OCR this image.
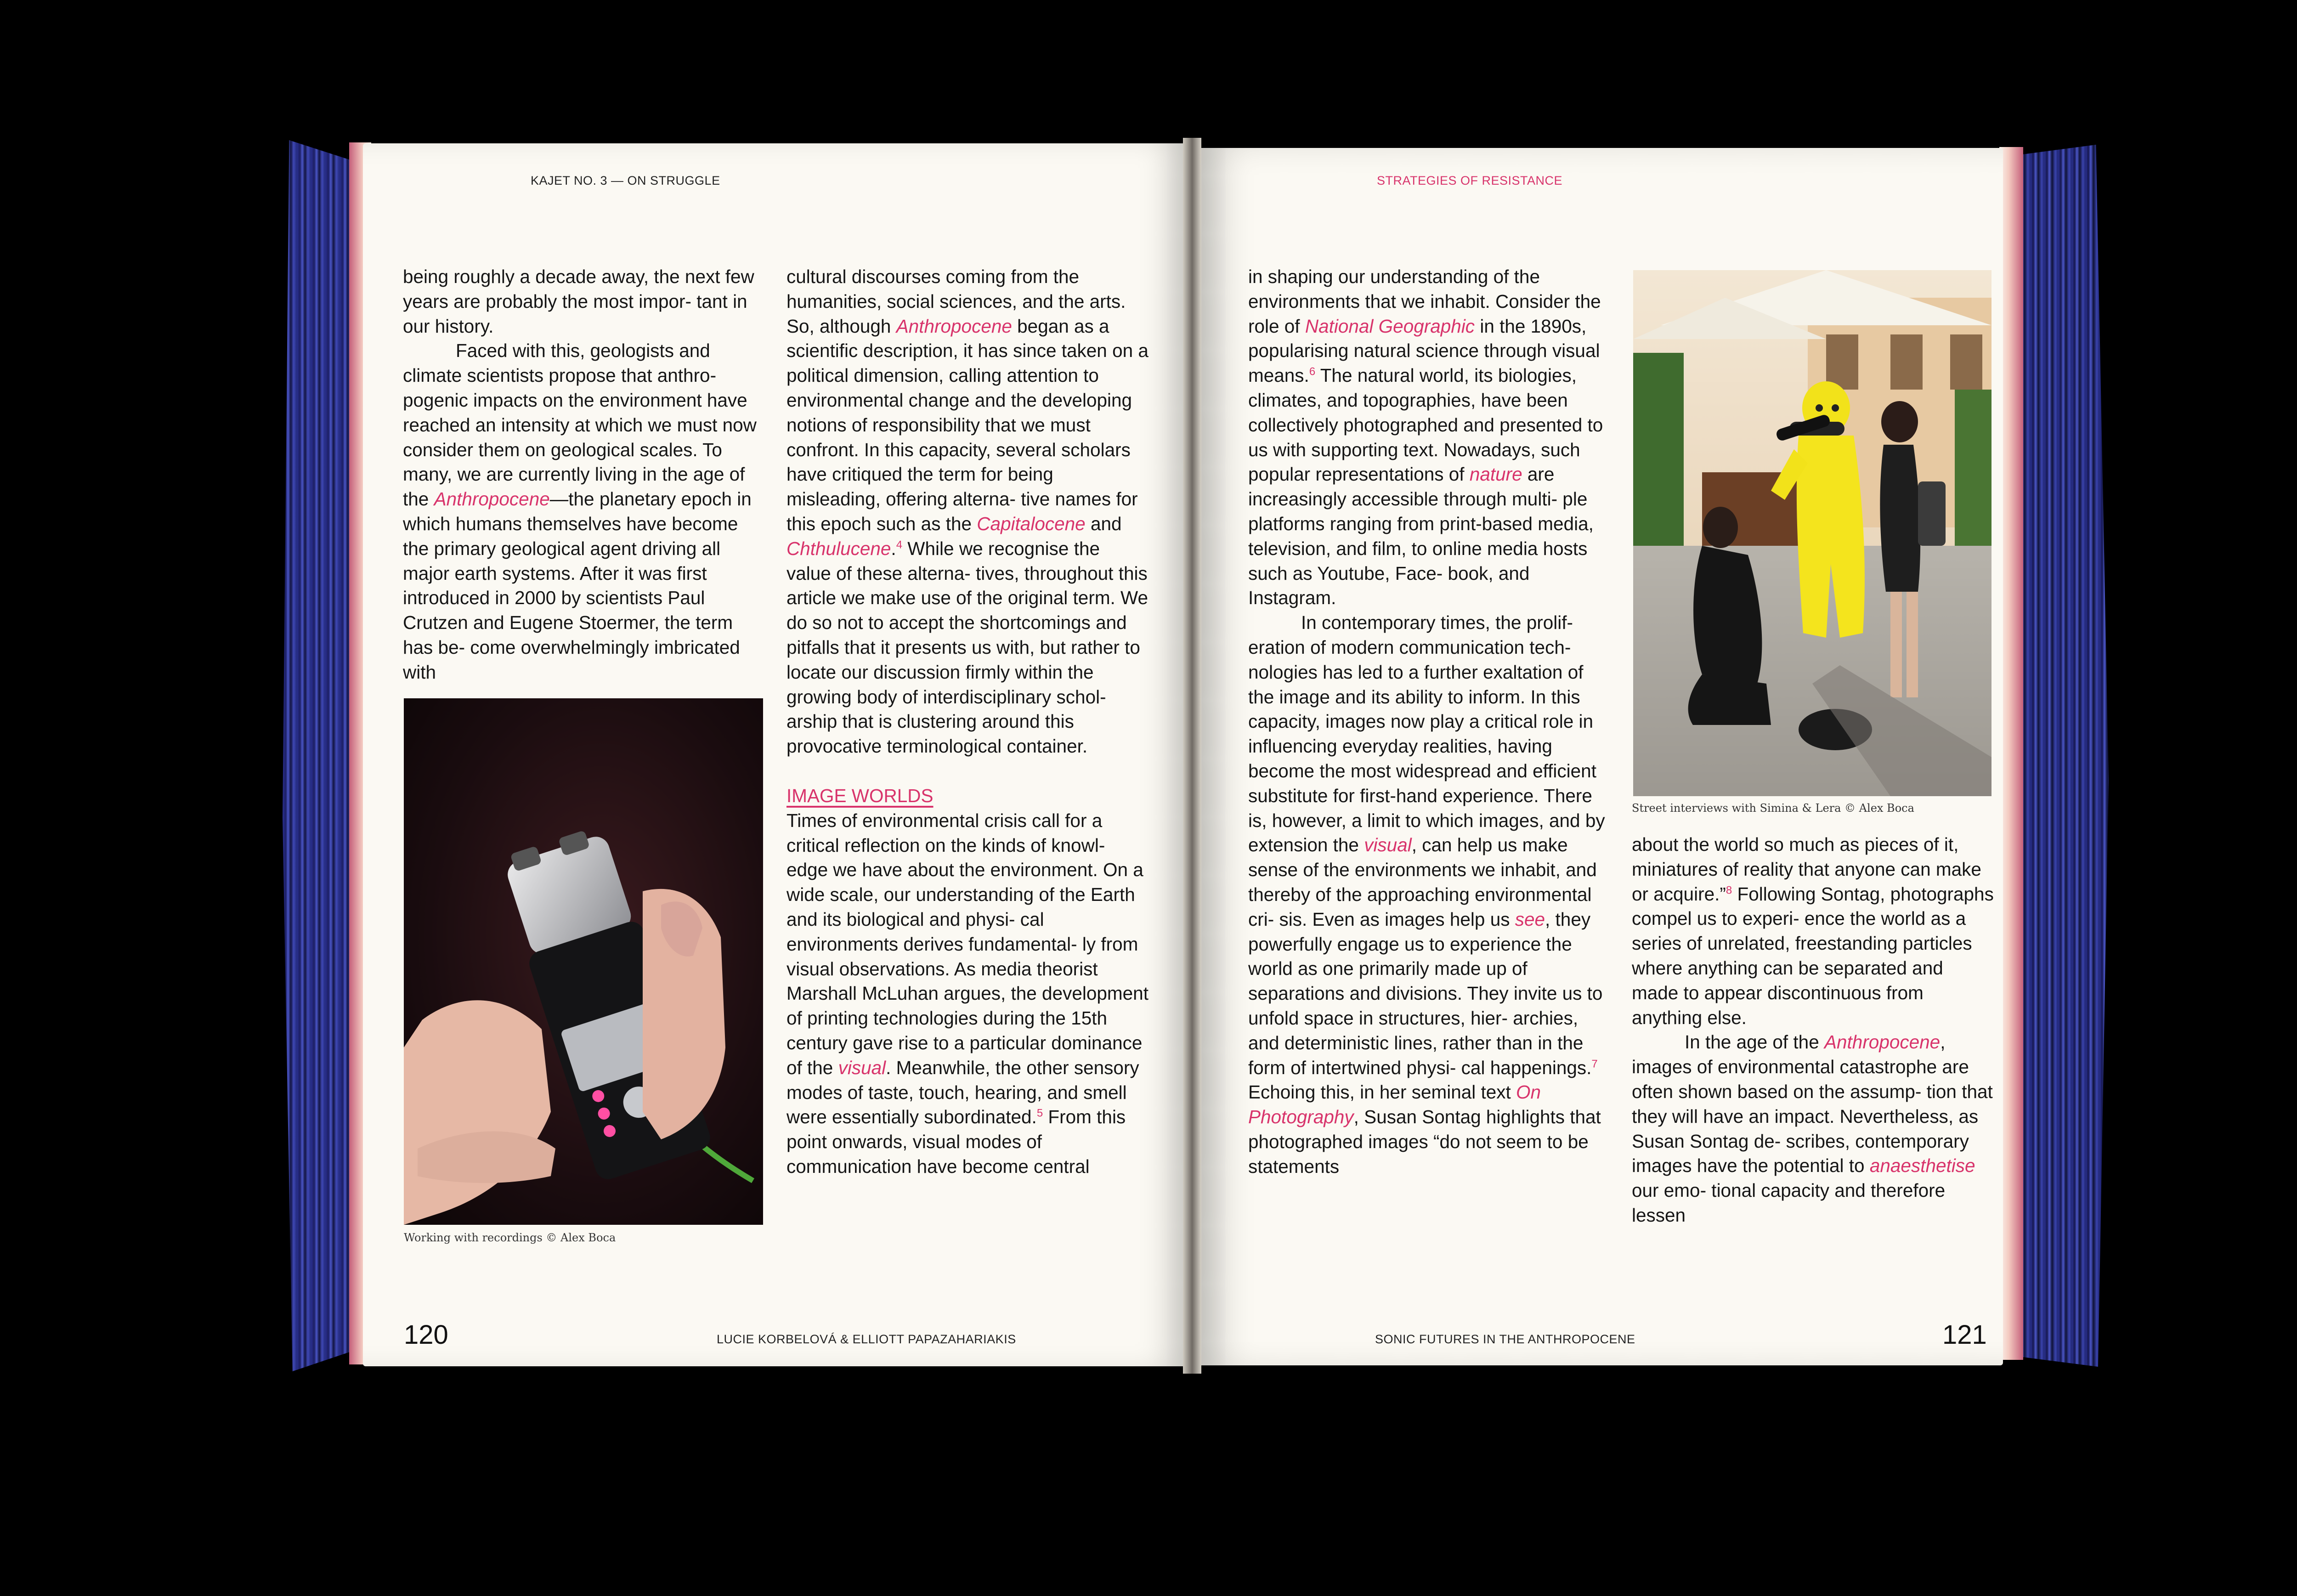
KAJET NO. 3 — ON STRUGGLE	STRATEGIES OF RESISTANCE

being roughly a decade away, the next few years are probably the most impor- tant in our history.

Faced with this, geologists and climate scientists propose that anthro- pogenic impacts on the environment have reached an intensity at which we must now consider them on geological scales. To many, we are currently living in the age of the Anthropocene—the planetary epoch in which humans themselves have become the primary geological agent driving all major earth systems. After it was first introduced in 2000 by scientists Paul Crutzen and Eugene Stoermer, the term has be- come overwhelmingly imbricated with

Working with recordings © Alex Boca

cultural discourses coming from the humanities, social sciences, and the arts. So, although Anthropocene began as a scientific description, it has since taken on a political dimension, calling attention to environmental change and the developing notions of responsibility that we must confront. In this capacity, several scholars have critiqued the term for being misleading, offering alterna- tive names for this epoch such as the Capitalocene and Chthulucene.$^4$ While we recognise the value of these alterna- tives, throughout this article we make use of the original term. We do so not to accept the shortcomings and pitfalls that it presents us with, but rather to locate our discussion firmly within the growing body of interdisciplinary schol- arship that is clustering around this provocative terminological container.

IMAGE WORLDS

Times of environmental crisis call for a critical reflection on the kinds of knowl- edge we have about the environment. On a wide scale, our understanding of the Earth and its biological and physi- cal environments derives fundamental- ly from visual observations. As media theorist Marshall McLuhan argues, the development of printing technologies during the 15th century gave rise to a particular dominance of the visual. Meanwhile, the other sensory modes of taste, touch, hearing, and smell were essentially subordinated.$^5$ From this point onwards, visual modes of communication have become central

in shaping our understanding of the environments that we inhabit. Consider the role of National Geographic in the 1890s, popularising natural science through visual means.$^6$ The natural world, its biologies, climates, and topographies, have been collectively photographed and presented to us with supporting text. Nowadays, such popular representations of nature are increasingly accessible through multi- ple platforms ranging from print-based media, television, and film, to online media hosts such as Youtube, Face- book, and Instagram.

In contemporary times, the prolif- eration of modern communication tech- nologies has led to a further exaltation of the image and its ability to inform. In this capacity, images now play a critical role in influencing everyday realities, having become the most widespread and efficient substitute for first-hand experience. There is, however, a limit to which images, and by extension the visual, can help us make sense of the environments we inhabit, and thereby of the approaching environmental cri- sis. Even as images help us see, they powerfully engage us to experience the world as one primarily made up of separations and divisions. They invite us to unfold space in structures, hier- archies, and deterministic lines, rather than in the form of intertwined physi- cal happenings.$^7$ Echoing this, in her seminal text On Photography, Susan Sontag highlights that photographed images “do not seem to be statements

Street interviews with Simina & Lera © Alex Boca

about the world so much as pieces of it, miniatures of reality that anyone can make or acquire.”$^8$ Following Sontag, photographs compel us to experi- ence the world as a series of unrelated, freestanding particles where anything can be separated and made to appear discontinuous from anything else.

In the age of the Anthropocene, images of environmental catastrophe are often shown based on the assump- tion that they will have an impact. Nevertheless, as Susan Sontag de- scribes, contemporary images have the potential to anaesthetise our emo- tional capacity and therefore lessen

120	LUCIE KORBELOVÁ & ELLIOTT PAPAZAHARIAKIS	SONIC FUTURES IN THE ANTHROPOCENE	121
